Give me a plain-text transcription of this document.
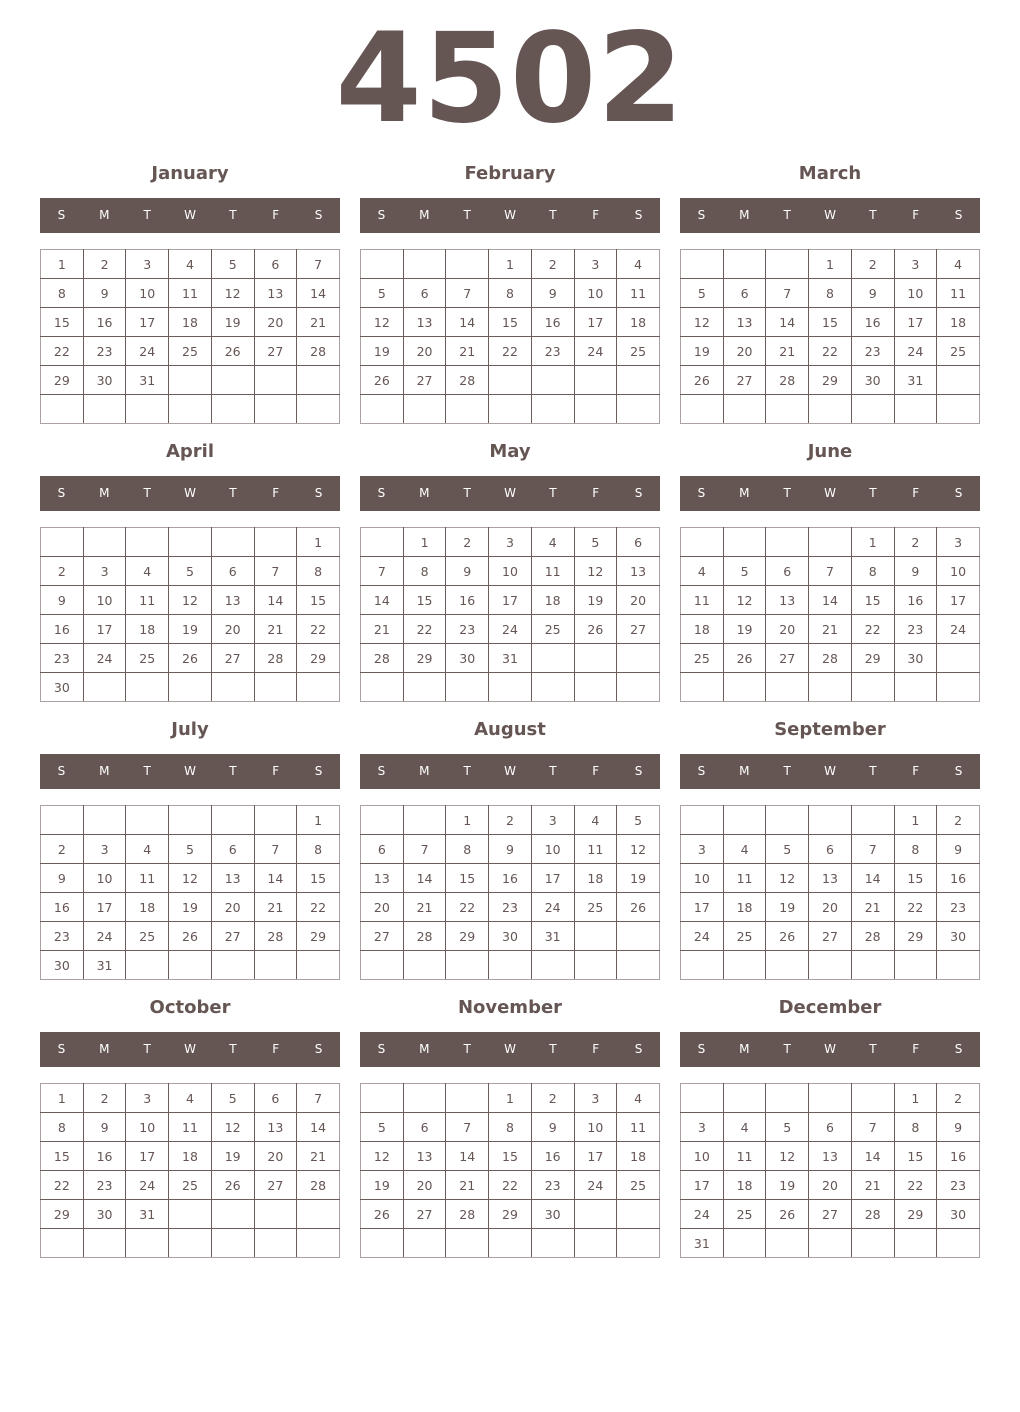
4502
January
S	M	T	W	T	F	S
1	2	3	4	5	6	7
8	9	10	11	12	13	14
15	16	17	18	19	20	21
22	23	24	25	26	27	28
29	30	31				

February
S	M	T	W	T	F	S
			1	2	3	4
5	6	7	8	9	10	11
12	13	14	15	16	17	18
19	20	21	22	23	24	25
26	27	28				

March
S	M	T	W	T	F	S
			1	2	3	4
5	6	7	8	9	10	11
12	13	14	15	16	17	18
19	20	21	22	23	24	25
26	27	28	29	30	31	

April
S	M	T	W	T	F	S
						1
2	3	4	5	6	7	8
9	10	11	12	13	14	15
16	17	18	19	20	21	22
23	24	25	26	27	28	29
30						
May
S	M	T	W	T	F	S
	1	2	3	4	5	6
7	8	9	10	11	12	13
14	15	16	17	18	19	20
21	22	23	24	25	26	27
28	29	30	31			

June
S	M	T	W	T	F	S
				1	2	3
4	5	6	7	8	9	10
11	12	13	14	15	16	17
18	19	20	21	22	23	24
25	26	27	28	29	30	

July
S	M	T	W	T	F	S
						1
2	3	4	5	6	7	8
9	10	11	12	13	14	15
16	17	18	19	20	21	22
23	24	25	26	27	28	29
30	31					
August
S	M	T	W	T	F	S
		1	2	3	4	5
6	7	8	9	10	11	12
13	14	15	16	17	18	19
20	21	22	23	24	25	26
27	28	29	30	31		

September
S	M	T	W	T	F	S
					1	2
3	4	5	6	7	8	9
10	11	12	13	14	15	16
17	18	19	20	21	22	23
24	25	26	27	28	29	30

October
S	M	T	W	T	F	S
1	2	3	4	5	6	7
8	9	10	11	12	13	14
15	16	17	18	19	20	21
22	23	24	25	26	27	28
29	30	31				

November
S	M	T	W	T	F	S
			1	2	3	4
5	6	7	8	9	10	11
12	13	14	15	16	17	18
19	20	21	22	23	24	25
26	27	28	29	30		

December
S	M	T	W	T	F	S
					1	2
3	4	5	6	7	8	9
10	11	12	13	14	15	16
17	18	19	20	21	22	23
24	25	26	27	28	29	30
31						
